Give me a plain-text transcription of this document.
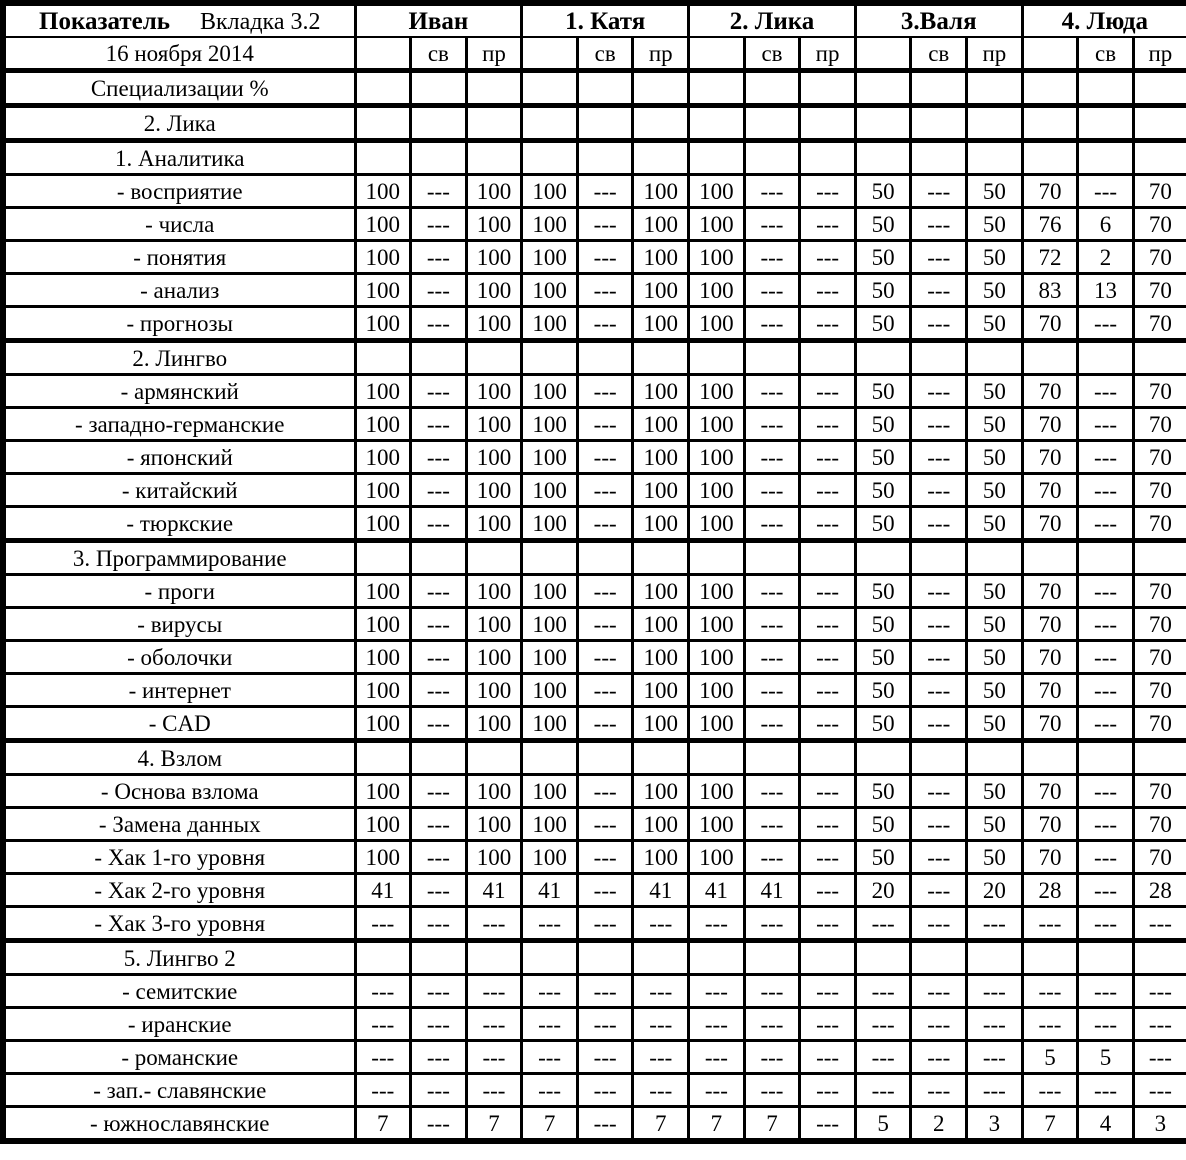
Показатель Вкладка 3.2	Иван			1. Катя			2. Лика			3.Валя			4. Люда		
16 ноября 2014		св	пр		св	пр		св	пр		св	пр		св	пр
Специализации %															
2. Лика															
1. Аналитика															
- восприятие	100	---	100	100	---	100	100	---	---	50	---	50	70	---	70
- числа	100	---	100	100	---	100	100	---	---	50	---	50	76	6	70
- понятия	100	---	100	100	---	100	100	---	---	50	---	50	72	2	70
- анализ	100	---	100	100	---	100	100	---	---	50	---	50	83	13	70
- прогнозы	100	---	100	100	---	100	100	---	---	50	---	50	70	---	70
2. Лингво															
- армянский	100	---	100	100	---	100	100	---	---	50	---	50	70	---	70
- западно-германские	100	---	100	100	---	100	100	---	---	50	---	50	70	---	70
- японский	100	---	100	100	---	100	100	---	---	50	---	50	70	---	70
- китайский	100	---	100	100	---	100	100	---	---	50	---	50	70	---	70
- тюркские	100	---	100	100	---	100	100	---	---	50	---	50	70	---	70
3. Программирование															
- проги	100	---	100	100	---	100	100	---	---	50	---	50	70	---	70
- вирусы	100	---	100	100	---	100	100	---	---	50	---	50	70	---	70
- оболочки	100	---	100	100	---	100	100	---	---	50	---	50	70	---	70
- интернет	100	---	100	100	---	100	100	---	---	50	---	50	70	---	70
- CAD	100	---	100	100	---	100	100	---	---	50	---	50	70	---	70
4. Взлом															
- Основа взлома	100	---	100	100	---	100	100	---	---	50	---	50	70	---	70
- Замена данных	100	---	100	100	---	100	100	---	---	50	---	50	70	---	70
- Хак 1-го уровня	100	---	100	100	---	100	100	---	---	50	---	50	70	---	70
- Хак 2-го уровня	41	---	41	41	---	41	41	41	---	20	---	20	28	---	28
- Хак 3-го уровня	---	---	---	---	---	---	---	---	---	---	---	---	---	---	---
5. Лингво 2															
- семитские	---	---	---	---	---	---	---	---	---	---	---	---	---	---	---
- иранские	---	---	---	---	---	---	---	---	---	---	---	---	---	---	---
- романские	---	---	---	---	---	---	---	---	---	---	---	---	5	5	---
- зап.- славянские	---	---	---	---	---	---	---	---	---	---	---	---	---	---	---
- южнославянские	7	---	7	7	---	7	7	7	---	5	2	3	7	4	3
